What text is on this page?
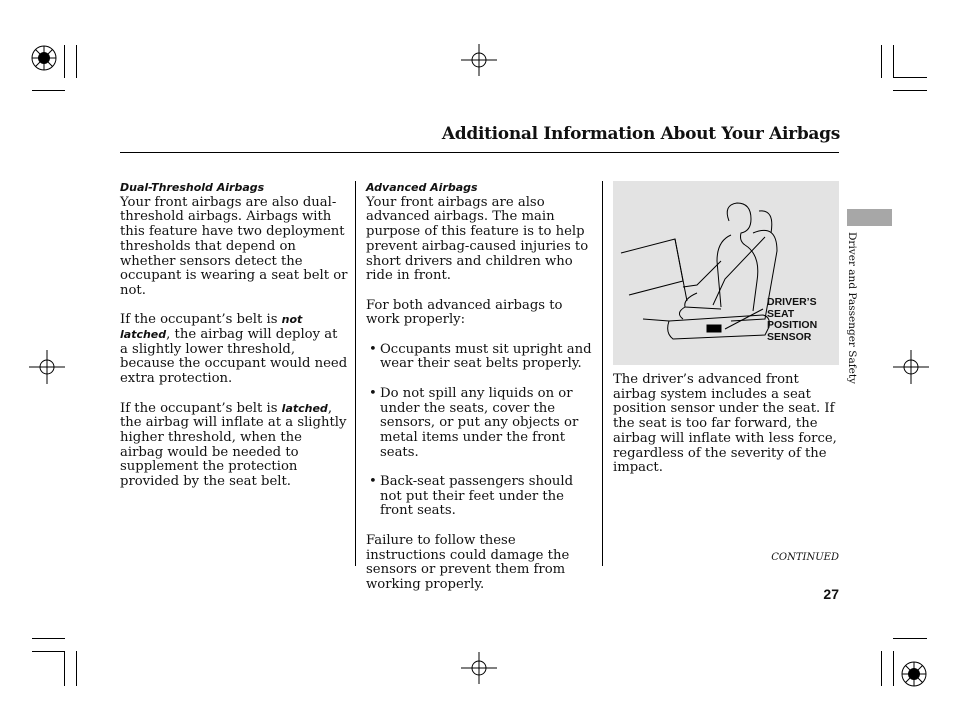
Additional Information About Your Airbags
Dual-Threshold Airbags

Your front airbags are also dual-threshold airbags. Airbags with this feature have two deployment thresholds that depend on whether sensors detect the occupant is wearing a seat belt or not.

If the occupant’s belt is not latched, the airbag will deploy at a slightly lower threshold, because the occupant would need extra protection.

If the occupant’s belt is latched, the airbag will inflate at a slightly higher threshold, when the airbag would be needed to supplement the protection provided by the seat belt.

Advanced Airbags

Your front airbags are also advanced airbags. The main purpose of this feature is to help prevent airbag-caused injuries to short drivers and children who ride in front.

For both advanced airbags to work properly:

• Occupants must sit upright and wear their seat belts properly.

• Do not spill any liquids on or under the seats, cover the sensors, or put any objects or metal items under the front seats.

• Back-seat passengers should not put their feet under the front seats.

Failure to follow these instructions could damage the sensors or prevent them from working properly.

DRIVER’S
SEAT
POSITION
SENSOR

The driver’s advanced front airbag system includes a seat position sensor under the seat. If the seat is too far forward, the airbag will inflate with less force, regardless of the severity of the impact.

Driver and Passenger Safety
CONTINUED
27
